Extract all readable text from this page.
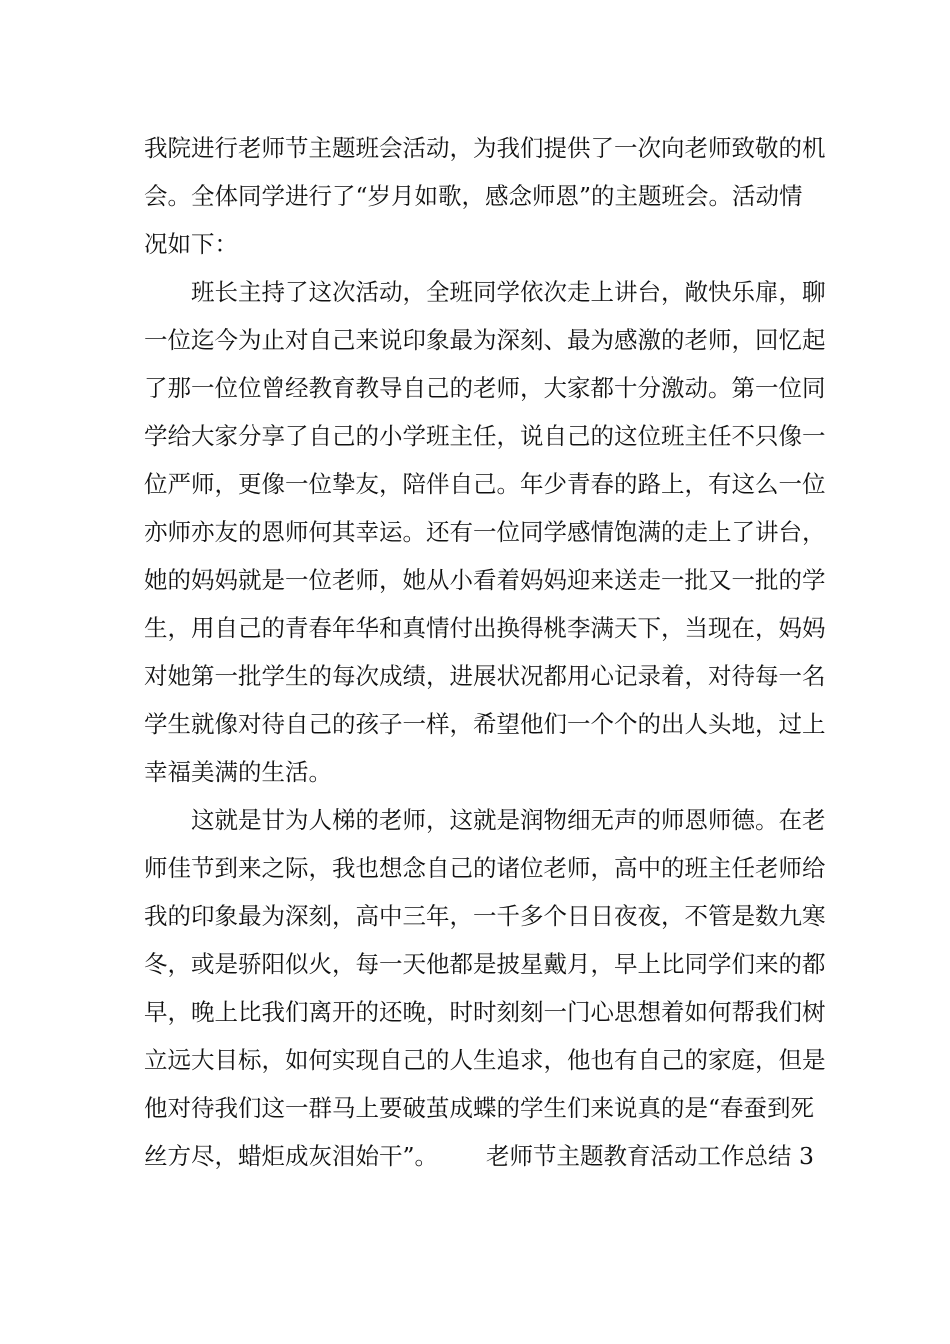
我院进行老师节主题班会活动，为我们提供了一次向老师致敬的机
会。全体同学进行了“岁月如歌，感念师恩”的主题班会。活动情
况如下：
班长主持了这次活动，全班同学依次走上讲台，敞快乐扉，聊
一位迄今为止对自己来说印象最为深刻、最为感激的老师，回忆起
了那一位位曾经教育教导自己的老师，大家都十分激动。第一位同
学给大家分享了自己的小学班主任，说自己的这位班主任不只像一
位严师，更像一位挚友，陪伴自己。年少青春的路上，有这么一位
亦师亦友的恩师何其幸运。还有一位同学感情饱满的走上了讲台，
她的妈妈就是一位老师，她从小看着妈妈迎来送走一批又一批的学
生，用自己的青春年华和真情付出换得桃李满天下，当现在，妈妈
对她第一批学生的每次成绩，进展状况都用心记录着，对待每一名
学生就像对待自己的孩子一样，希望他们一个个的出人头地，过上
幸福美满的生活。
这就是甘为人梯的老师，这就是润物细无声的师恩师德。在老
师佳节到来之际，我也想念自己的诸位老师，高中的班主任老师给
我的印象最为深刻，高中三年，一千多个日日夜夜，不管是数九寒
冬，或是骄阳似火，每一天他都是披星戴月，早上比同学们来的都
早，晚上比我们离开的还晚，时时刻刻一门心思想着如何帮我们树
立远大目标，如何实现自己的人生追求，他也有自己的家庭，但是
他对待我们这一群马上要破茧成蝶的学生们来说真的是“春蚕到死
丝方尽，蜡炬成灰泪始干”。 老师节主题教育活动工作总结 3
